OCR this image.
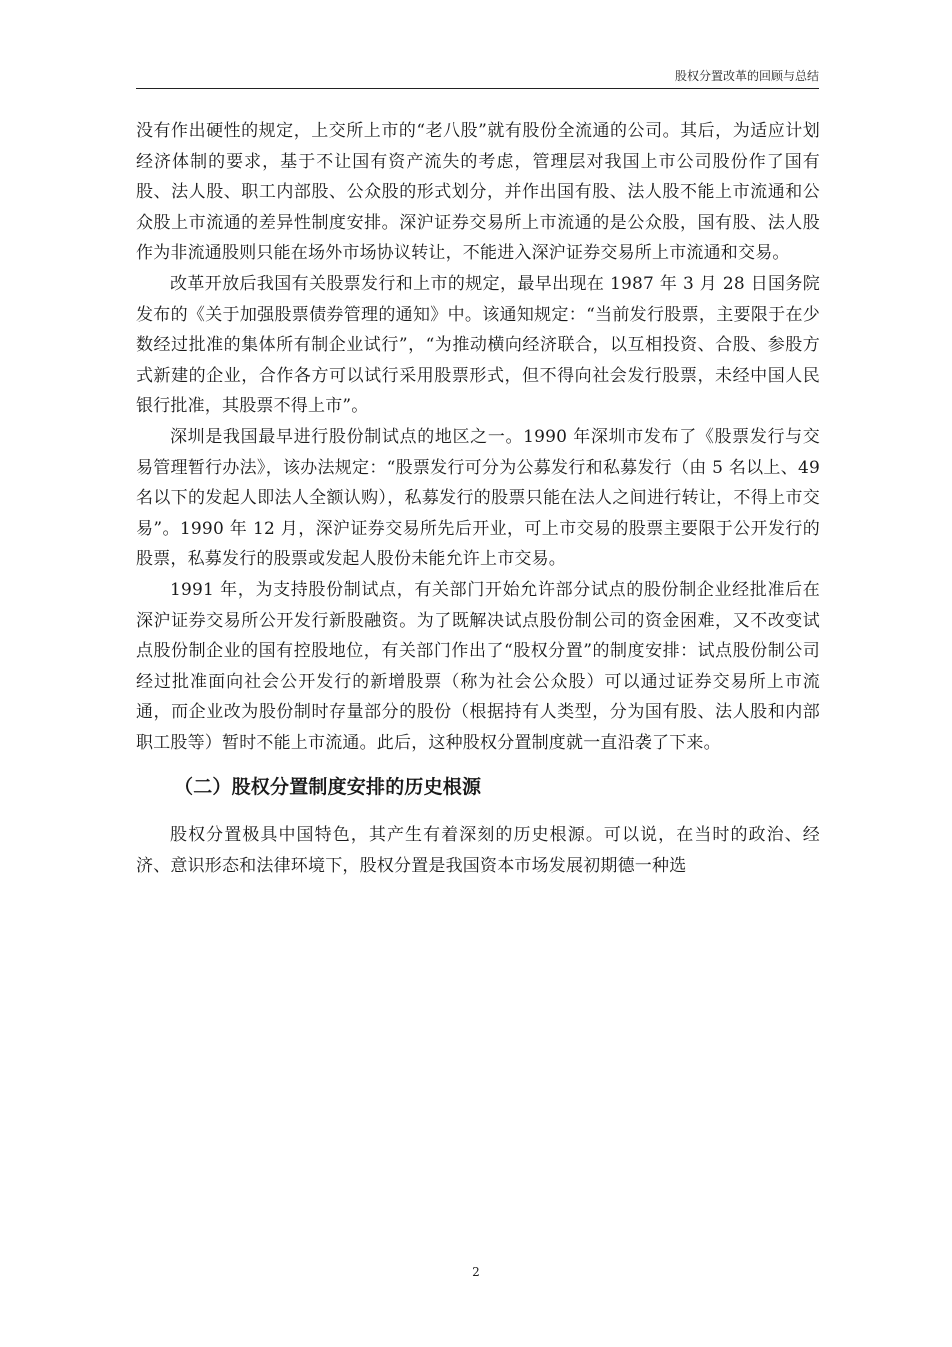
股权分置改革的回顾与总结

没有作出硬性的规定，上交所上市的“老八股”就有股份全流通的公司。其后，为适应计划经济体制的要求，基于不让国有资产流失的考虑，管理层对我国上市公司股份作了国有股、法人股、职工内部股、公众股的形式划分，并作出国有股、法人股不能上市流通和公众股上市流通的差异性制度安排。深沪证券交易所上市流通的是公众股，国有股、法人股作为非流通股则只能在场外市场协议转让，不能进入深沪证券交易所上市流通和交易。

改革开放后我国有关股票发行和上市的规定，最早出现在 1987 年 3 月 28 日国务院发布的《关于加强股票债券管理的通知》中。该通知规定：“当前发行股票，主要限于在少数经过批准的集体所有制企业试行”，“为推动横向经济联合，以互相投资、合股、参股方式新建的企业，合作各方可以试行采用股票形式，但不得向社会发行股票，未经中国人民银行批准，其股票不得上市”。

深圳是我国最早进行股份制试点的地区之一。1990 年深圳市发布了《股票发行与交易管理暂行办法》，该办法规定：“股票发行可分为公募发行和私募发行（由 5 名以上、49 名以下的发起人即法人全额认购），私募发行的股票只能在法人之间进行转让，不得上市交易”。1990 年 12 月，深沪证券交易所先后开业，可上市交易的股票主要限于公开发行的股票，私募发行的股票或发起人股份未能允许上市交易。

1991 年，为支持股份制试点，有关部门开始允许部分试点的股份制企业经批准后在深沪证券交易所公开发行新股融资。为了既解决试点股份制公司的资金困难，又不改变试点股份制企业的国有控股地位，有关部门作出了“股权分置”的制度安排：试点股份制公司经过批准面向社会公开发行的新增股票（称为社会公众股）可以通过证券交易所上市流通，而企业改为股份制时存量部分的股份（根据持有人类型，分为国有股、法人股和内部职工股等）暂时不能上市流通。此后，这种股权分置制度就一直沿袭了下来。

（二）股权分置制度安排的历史根源

股权分置极具中国特色，其产生有着深刻的历史根源。可以说，在当时的政治、经济、意识形态和法律环境下，股权分置是我国资本市场发展初期德一种选

2
